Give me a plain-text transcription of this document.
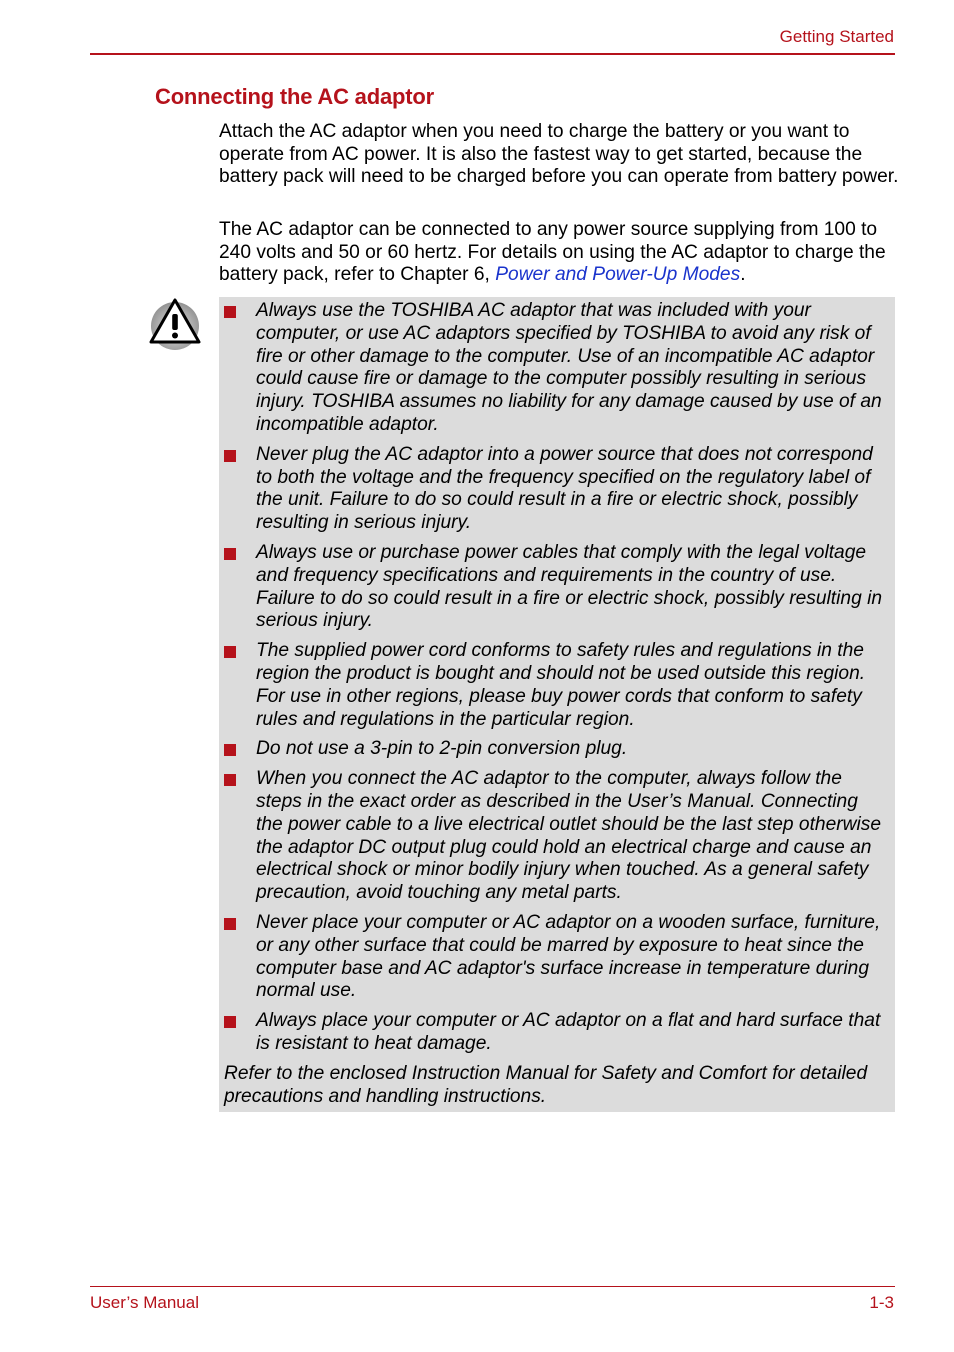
Getting Started
Connecting the AC adaptor

Attach the AC adaptor when you need to charge the battery or you want to operate from AC power. It is also the fastest way to get started, because the battery pack will need to be charged before you can operate from battery power.

The AC adaptor can be connected to any power source supplying from 100 to 240 volts and 50 or 60 hertz. For details on using the AC adaptor to charge the battery pack, refer to Chapter 6, Power and Power-Up Modes.

Always use the TOSHIBA AC adaptor that was included with your computer, or use AC adaptors specified by TOSHIBA to avoid any risk of fire or other damage to the computer. Use of an incompatible AC adaptor could cause fire or damage to the computer possibly resulting in serious injury. TOSHIBA assumes no liability for any damage caused by use of an incompatible adaptor.
Never plug the AC adaptor into a power source that does not correspond to both the voltage and the frequency specified on the regulatory label of the unit. Failure to do so could result in a fire or electric shock, possibly resulting in serious injury.
Always use or purchase power cables that comply with the legal voltage and frequency specifications and requirements in the country of use. Failure to do so could result in a fire or electric shock, possibly resulting in serious injury.
The supplied power cord conforms to safety rules and regulations in the region the product is bought and should not be used outside this region. For use in other regions, please buy power cords that conform to safety rules and regulations in the particular region.
Do not use a 3-pin to 2-pin conversion plug.
When you connect the AC adaptor to the computer, always follow the steps in the exact order as described in the User’s Manual. Connecting the power cable to a live electrical outlet should be the last step otherwise the adaptor DC output plug could hold an electrical charge and cause an electrical shock or minor bodily injury when touched. As a general safety precaution, avoid touching any metal parts.
Never place your computer or AC adaptor on a wooden surface, furniture, or any other surface that could be marred by exposure to heat since the computer base and AC adaptor's surface increase in temperature during normal use.
Always place your computer or AC adaptor on a flat and hard surface that is resistant to heat damage.

Refer to the enclosed Instruction Manual for Safety and Comfort for detailed precautions and handling instructions.

User’s Manual	1-3
